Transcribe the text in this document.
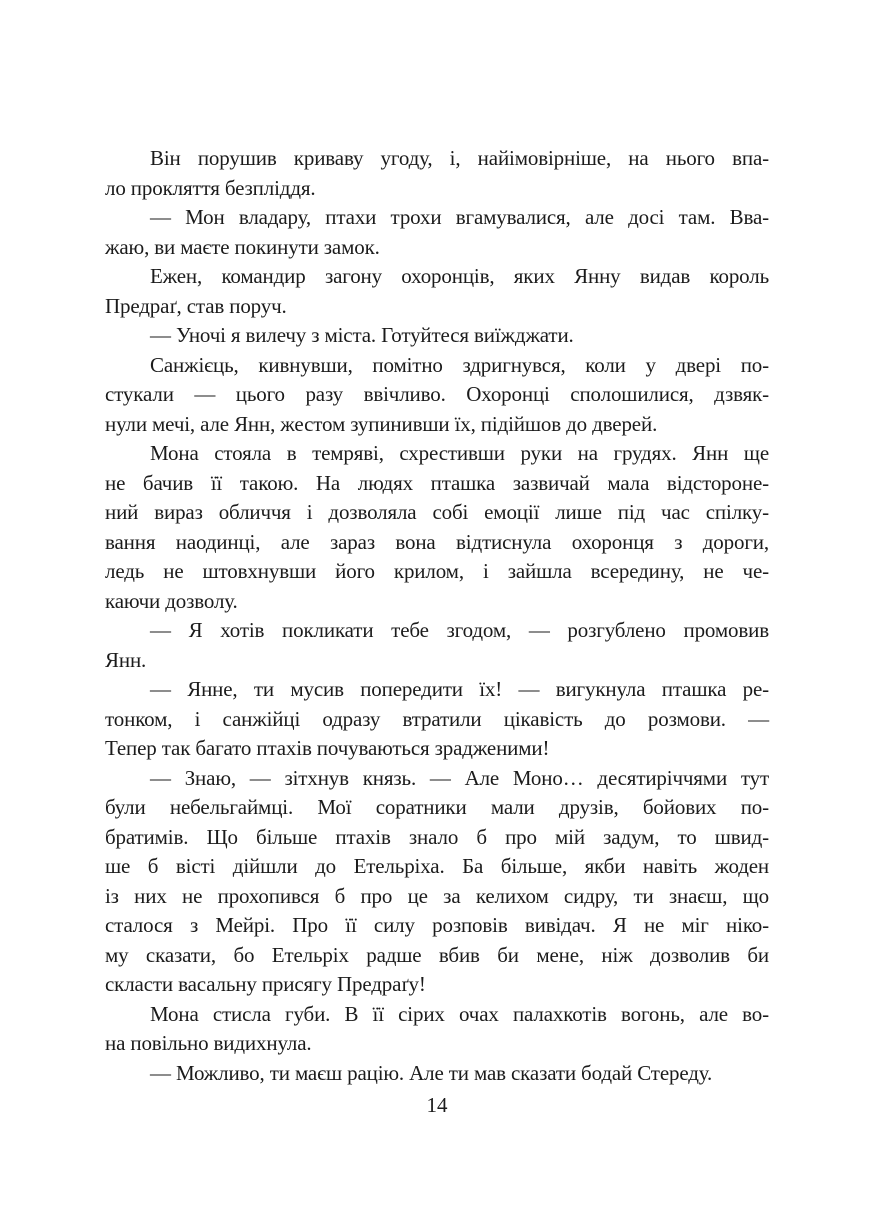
Він порушив криваву угоду, і, найімовірніше, на нього впа-
ло прокляття безпліддя.

— Мон владару, птахи трохи вгамувалися, але досі там. Вва-
жаю, ви маєте покинути замок.

Ежен, командир загону охоронців, яких Янну видав король
Предраґ, став поруч.

— Уночі я вилечу з міста. Готуйтеся виїжджати.

Санжієць, кивнувши, помітно здригнувся, коли у двері по-
стукали — цього разу ввічливо. Охоронці сполошилися, дзвяк-
нули мечі, але Янн, жестом зупинивши їх, підійшов до дверей.

Мона стояла в темряві, схрестивши руки на грудях. Янн ще
не бачив її такою. На людях пташка зазвичай мала відстороне-
ний вираз обличчя і дозволяла собі емоції лише під час спілку-
вання наодинці, але зараз вона відтиснула охоронця з дороги,
ледь не штовхнувши його крилом, і зайшла всередину, не че-
каючи дозволу.

— Я хотів покликати тебе згодом, — розгублено промовив
Янн.

— Янне, ти мусив попередити їх! — вигукнула пташка ре-
тонком, і санжійці одразу втратили цікавість до розмови. —
Тепер так багато птахів почуваються зрадженими!

— Знаю, — зітхнув князь. — Але Моно… десятиріччями тут
були небельгаймці. Мої соратники мали друзів, бойових по-
братимів. Що більше птахів знало б про мій задум, то швид-
ше б вісті дійшли до Етельріха. Ба більше, якби навіть жоден
із них не прохопився б про це за келихом сидру, ти знаєш, що
сталося з Мейрі. Про її силу розповів вивідач. Я не міг ніко-
му сказати, бо Етельріх радше вбив би мене, ніж дозволив би
скласти васальну присягу Предраґу!

Мона стисла губи. В її сірих очах палахкотів вогонь, але во-
на повільно видихнула.

— Можливо, ти маєш рацію. Але ти мав сказати бодай Стереду.

14
